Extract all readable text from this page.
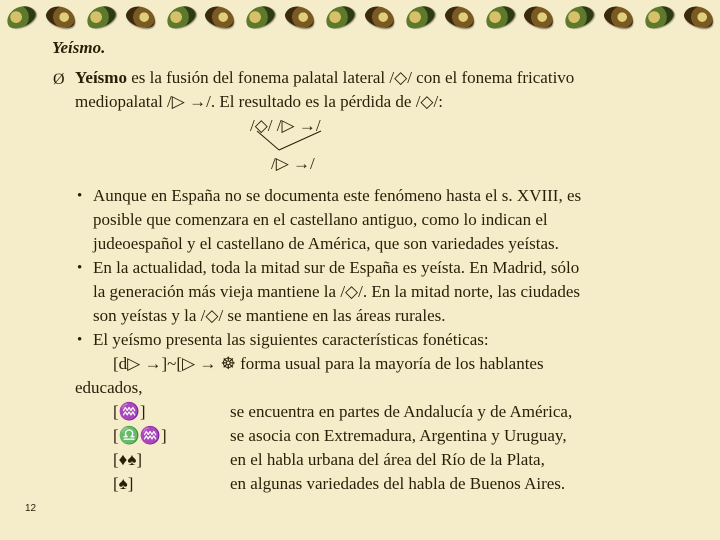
Yeísmo.
Ø Yeísmo es la fusión del fonema palatal lateral /◇/ con el fonema fricativo
mediopalatal /▷ →/. El resultado es la pérdida de /◇/:
/◇/ /▷ →/
/▷ →/
• Aunque en España no se documenta este fenómeno hasta el s. XVIII, es
posible que comenzara en el castellano antiguo, como lo indican el
judeoespañol y el castellano de América, que son variedades yeístas.
• En la actualidad, toda la mitad sur de España es yeísta. En Madrid, sólo
la generación más vieja mantiene la /◇/. En la mitad norte, las ciudades
son yeístas y la /◇/ se mantiene en las áreas rurales.
• El yeísmo presenta las siguientes características fonéticas:
[d▷ →]~[▷ → ☸ forma usual para la mayoría de los hablantes
educados,
[♒]	se encuentra en partes de Andalucía y de América,
[♎♒]	se asocia con Extremadura, Argentina y Uruguay,
[♦♠]	en el habla urbana del área del Río de la Plata,
[♠]	en algunas variedades del habla de Buenos Aires.
12
